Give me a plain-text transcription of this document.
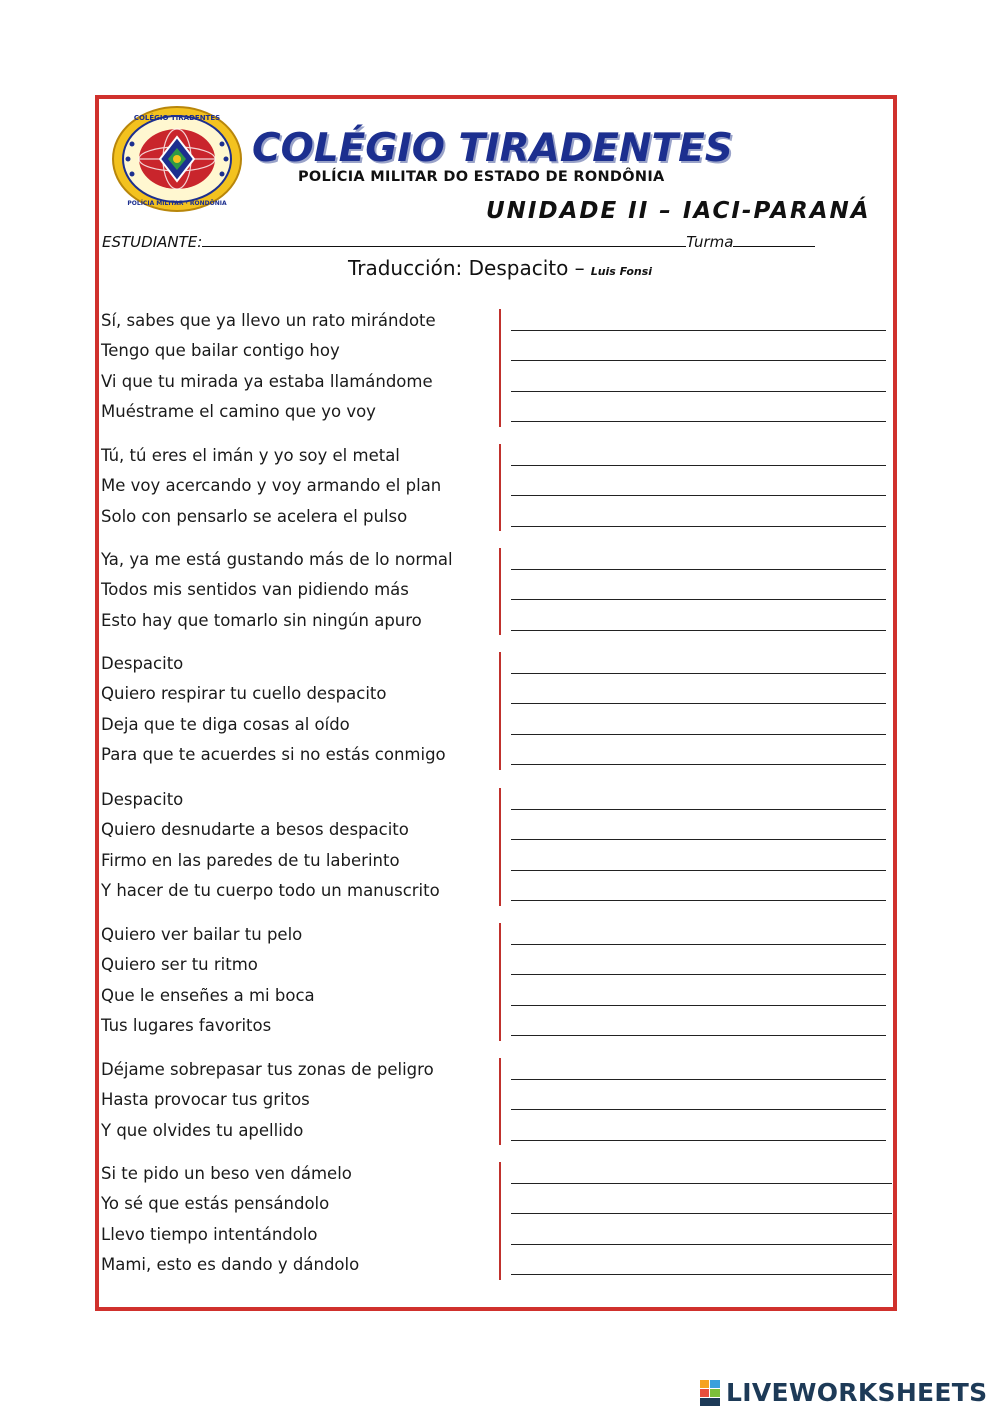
COLÉGIO TIRADENTES
POLÍCIA MILITAR · RONDÔNIA
COLÉGIO TIRADENTES
POLÍCIA MILITAR DO ESTADO DE RONDÔNIA
UNIDADE II – IACI-PARANÁ
ESTUDIANTE:	Turma
Traducción: Despacito – Luis Fonsi
Sí, sabes que ya llevo un rato mirándote
Tengo que bailar contigo hoy
Vi que tu mirada ya estaba llamándome
Muéstrame el camino que yo voy
Tú, tú eres el imán y yo soy el metal
Me voy acercando y voy armando el plan
Solo con pensarlo se acelera el pulso
Ya, ya me está gustando más de lo normal
Todos mis sentidos van pidiendo más
Esto hay que tomarlo sin ningún apuro
Despacito
Quiero respirar tu cuello despacito
Deja que te diga cosas al oído
Para que te acuerdes si no estás conmigo
Despacito
Quiero desnudarte a besos despacito
Firmo en las paredes de tu laberinto
Y hacer de tu cuerpo todo un manuscrito
Quiero ver bailar tu pelo
Quiero ser tu ritmo
Que le enseñes a mi boca
Tus lugares favoritos
Déjame sobrepasar tus zonas de peligro
Hasta provocar tus gritos
Y que olvides tu apellido
Si te pido un beso ven dámelo
Yo sé que estás pensándolo
Llevo tiempo intentándolo
Mami, esto es dando y dándolo
LIVEWORKSHEETS
